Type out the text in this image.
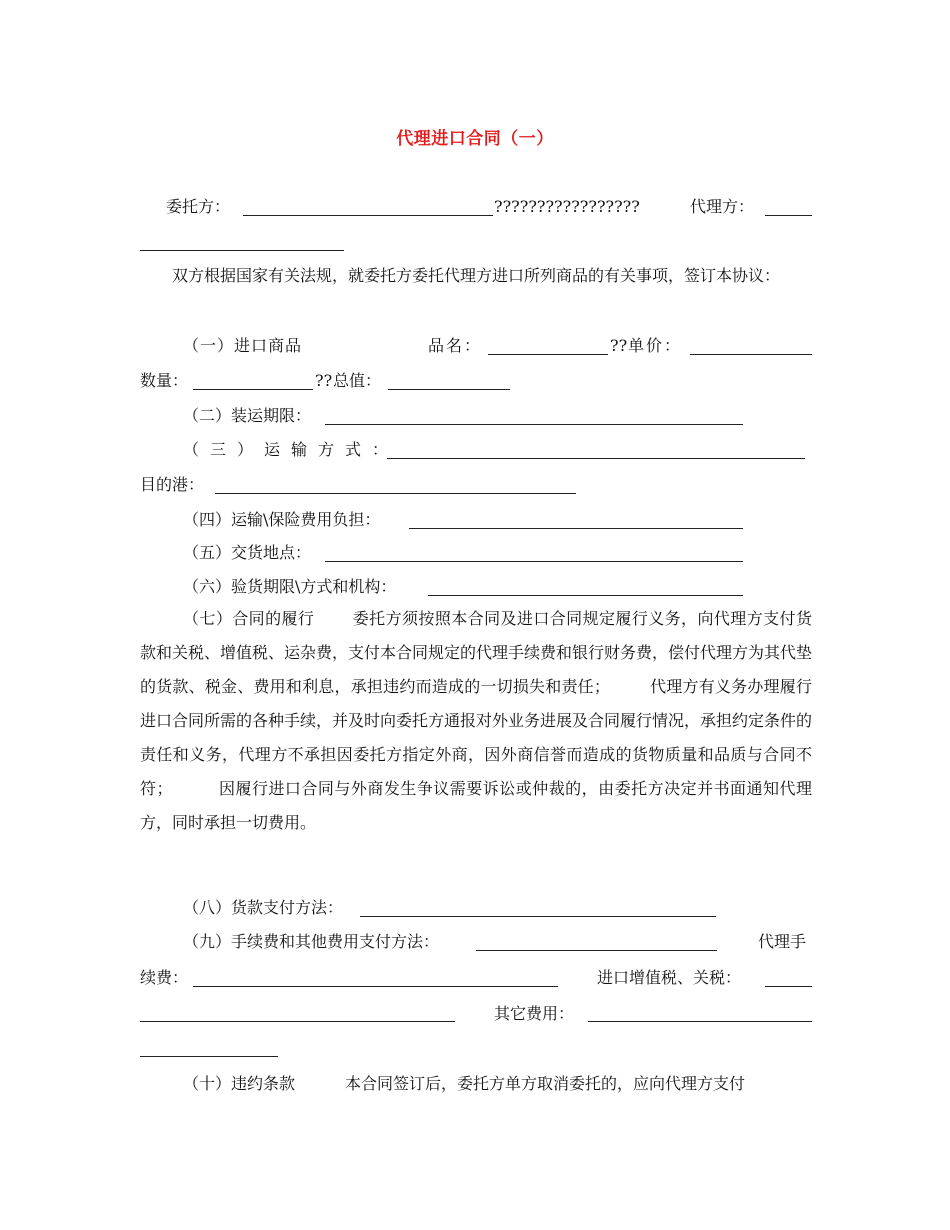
代理进口合同（一）
委托方：	?????????????????	代理方：
双方根据国家有关法规，就委托方委托代理方进口所列商品的有关事项，签订本协议：
（一）进口商品	品名：	?? 单价：
数量：	?? 总值：
（二）装运期限：
（三）运输方式：
目的港：
（四）运输\保险费用负担：
（五）交货地点：
（六）验货期限\方式和机构：
（七）合同的履行 委托方须按照本合同及进口合同规定履行义务，向代理方支付货款和关税、增值税、运杂费，支付本合同规定的代理手续费和银行财务费，偿付代理方为其代垫的货款、税金、费用和利息，承担违约而造成的一切损失和责任；	代理方有义务办理履行进口合同所需的各种手续，并及时向委托方通报对外业务进展及合同履行情况，承担约定条件的责任和义务，代理方不承担因委托方指定外商，因外商信誉而造成的货物质量和品质与合同不符；	因履行进口合同与外商发生争议需要诉讼或仲裁的，由委托方决定并书面通知代理方，同时承担一切费用。
（八）货款支付方法：
（九）手续费和其他费用支付方法：	代理手
续费：	进口增值税、关税：
其它费用：
（十）违约条款	本合同签订后，委托方单方取消委托的，应向代理方支付
